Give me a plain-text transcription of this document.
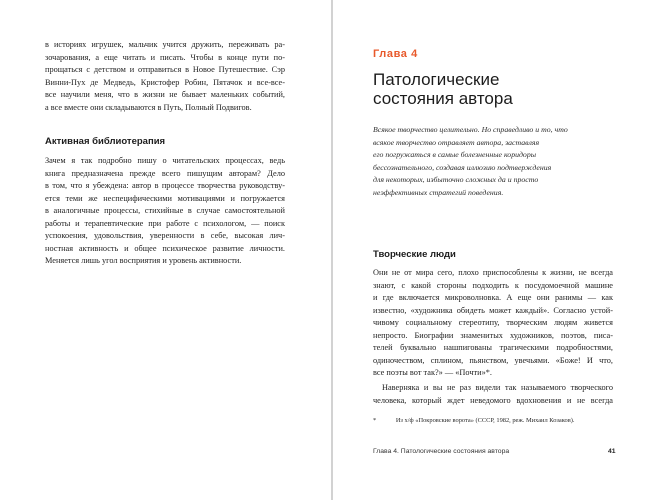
в историях игрушек, мальчик учится дружить, переживать ра-
зочарования, а еще читать и писать. Чтобы в конце пути по-
прощаться с детством и отправиться в Новое Путешествие. Сэр
Винни-Пух де Медведь, Кристофер Робин, Пятачок и все-все-
все научили меня, что в жизни не бывает маленьких событий,
а все вместе они складываются в Путь, Полный Подвигов.
Активная библиотерапия
Зачем я так подробно пишу о читательских процессах, ведь
книга предназначена прежде всего пишущим авторам? Дело
в том, что я убеждена: автор в процессе творчества руководству-
ется теми же неспецифическими мотивациями и погружается
в аналогичные процессы, стихийные в случае самостоятельной
работы и терапевтические при работе с психологом, — поиск
успокоения, удовольствия, уверенности в себе, высокая лич-
ностная активность и общее психическое развитие личности.
Меняется лишь угол восприятия и уровень активности.
Глава 4
Патологические
состояния автора
Всякое творчество целительно. Но справедливо и то, что
всякое творчество отравляет автора, заставляя
его погружаться в самые болезненные коридоры
бессознательного, создавая иллюзию подтверждения
для некоторых, избыточно сложных да и просто
неэффективных стратегий поведения.
Творческие люди
Они не от мира сего, плохо приспособлены к жизни, не всегда
знают, с какой стороны подходить к посудомоечной машине
и где включается микроволновка. А еще они ранимы — как
известно, «художника обидеть может каждый». Согласно устой-
чивому социальному стереотипу, творческим людям живется
непросто. Биографии знаменитых художников, поэтов, писа-
телей буквально нашпигованы трагическими подробностями,
одиночеством, сплином, пьянством, увечьями. «Боже! И что,
все поэты вот так?» — «Почти»*.
Наверняка и вы не раз видели так называемого творческого
человека, который ждет неведомого вдохновения и не всегда
*	Из х/ф «Покровские ворота» (СССР, 1982, реж. Михаил Козаков).
Глава 4. Патологические состояния автора	41
